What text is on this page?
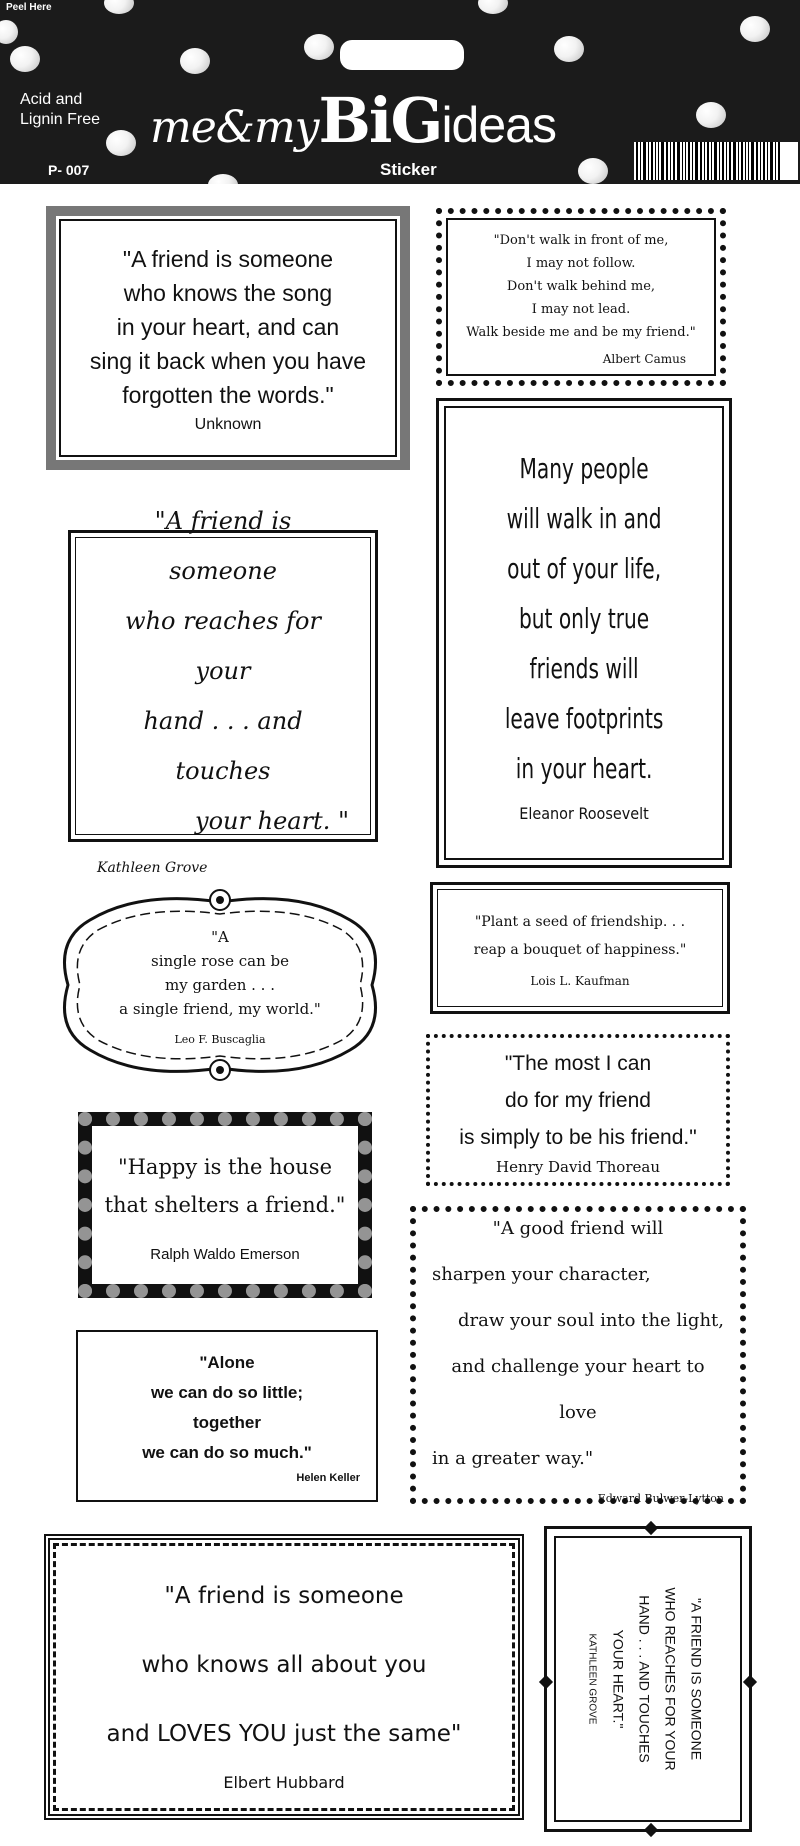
Peel Here
Acid and
Lignin Free
P- 007
me&myBiGideas
Sticker

"A friend is someone

who knows the song

in your heart, and can

sing it back when you have

forgotten the words."

Unknown

"Don't walk in front of me,

I may not follow.

Don't walk behind me,

I may not lead.

Walk beside me and be my friend."

Albert Camus

Many people

will walk in and

out of your life,

but only true

friends will

leave footprints

in your heart.

Eleanor Roosevelt

"A friend is someone

who reaches for your

hand . . . and touches

your heart. "

Kathleen Grove

"A

single rose can be

my garden . . .

a single friend, my world."

Leo F. Buscaglia

"Plant a seed of friendship. . .

reap a bouquet of happiness."

Lois L. Kaufman

"The most I can

do for my friend

is simply to be his friend."

Henry David Thoreau

"Happy is the house

that shelters a friend."

Ralph Waldo Emerson

"A good friend will

sharpen your character,

draw your soul into the light,

and challenge your heart to love

in a greater way."

Edward Bulwer-Lytton

"Alone

we can do so little;

together

we can do so much."

Helen Keller

"A friend is someone

who knows all about you

and LOVES YOU just the same"

Elbert Hubbard

"A FRIEND IS SOMEONE

WHO REACHES FOR YOUR

HAND . . . AND TOUCHES

YOUR HEART."

KATHLEEN GROVE
